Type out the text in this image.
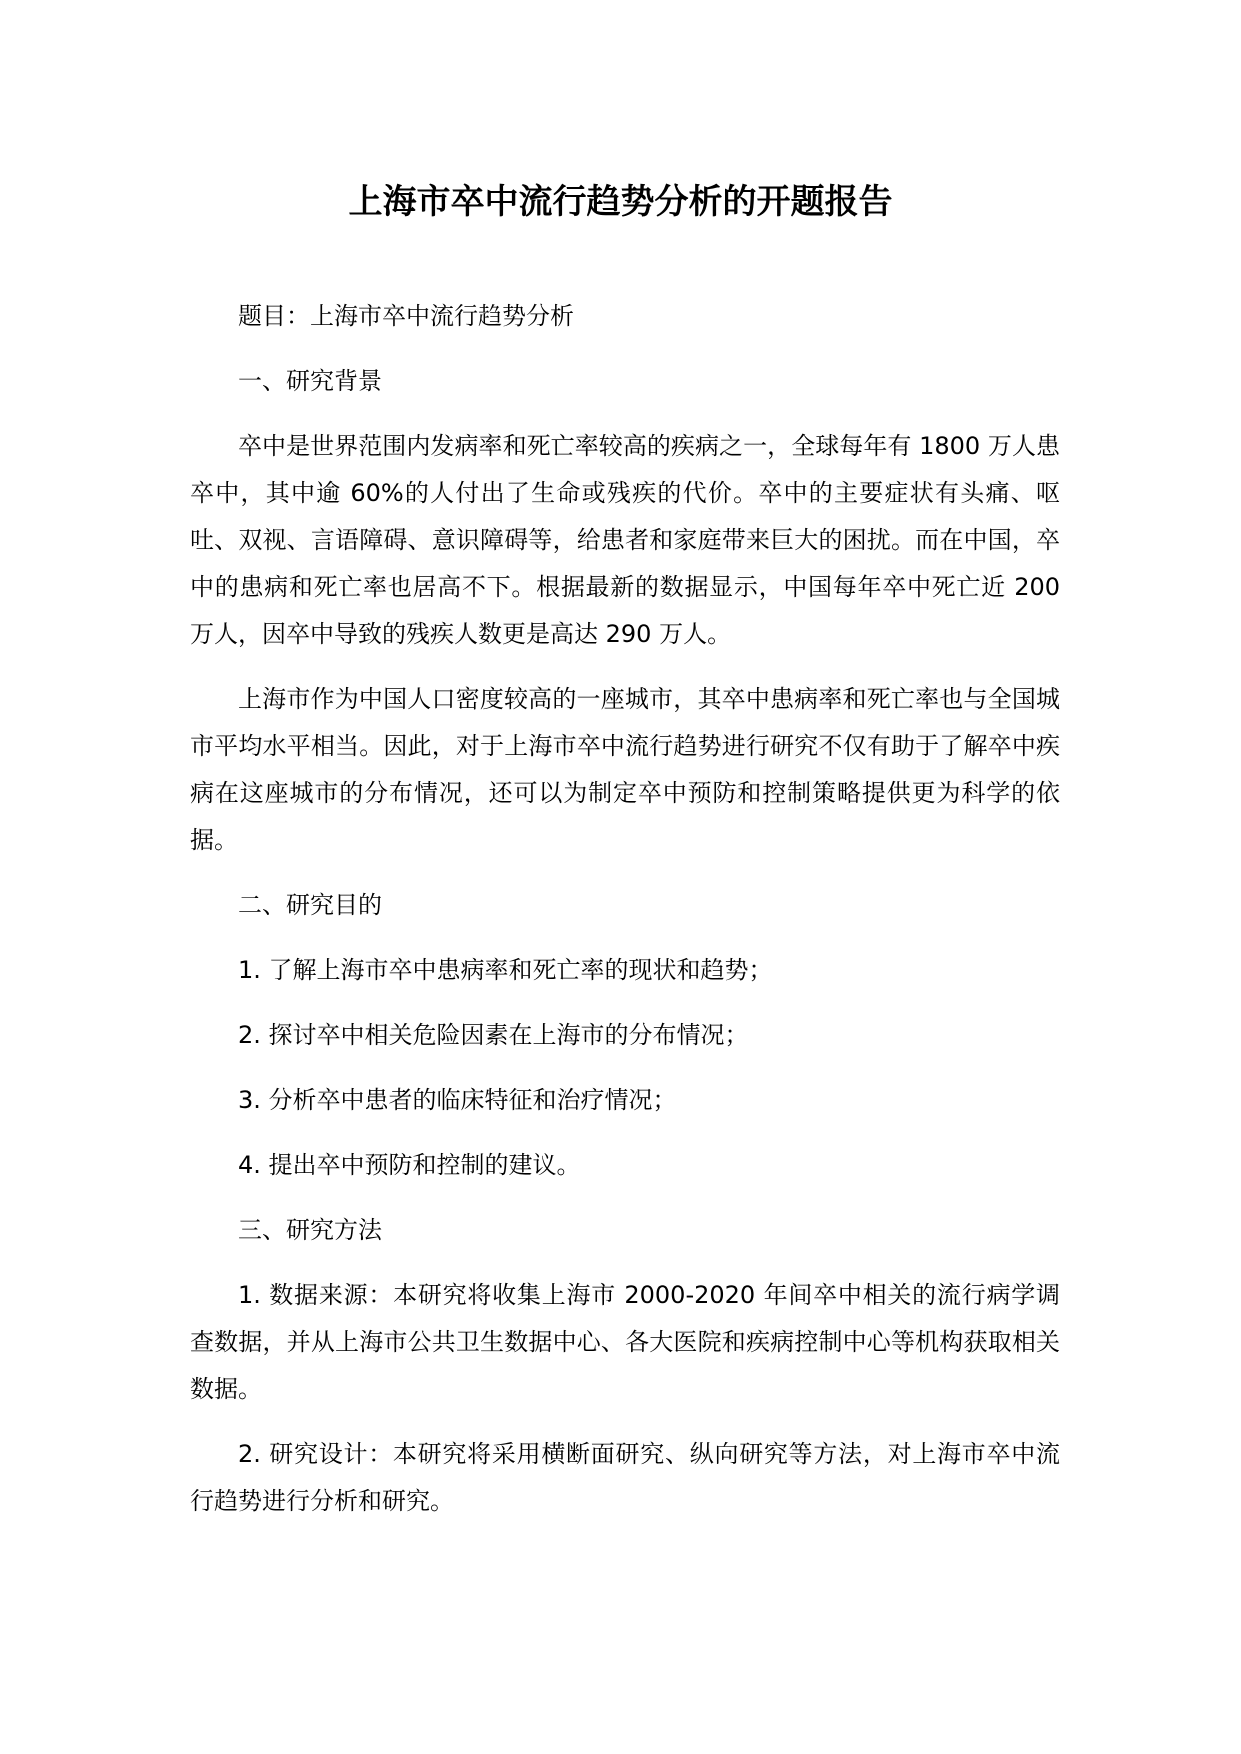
上海市卒中流行趋势分析的开题报告

题目：上海市卒中流行趋势分析

一、研究背景

卒中是世界范围内发病率和死亡率较高的疾病之一，全球每年有 1800 万人患卒中，其中逾 60%的人付出了生命或残疾的代价。卒中的主要症状有头痛、呕吐、双视、言语障碍、意识障碍等，给患者和家庭带来巨大的困扰。而在中国，卒中的患病和死亡率也居高不下。根据最新的数据显示，中国每年卒中死亡近 200 万人，因卒中导致的残疾人数更是高达 290 万人。

上海市作为中国人口密度较高的一座城市，其卒中患病率和死亡率也与全国城市平均水平相当。因此，对于上海市卒中流行趋势进行研究不仅有助于了解卒中疾病在这座城市的分布情况，还可以为制定卒中预防和控制策略提供更为科学的依据。

二、研究目的

1. 了解上海市卒中患病率和死亡率的现状和趋势；

2. 探讨卒中相关危险因素在上海市的分布情况；

3. 分析卒中患者的临床特征和治疗情况；

4. 提出卒中预防和控制的建议。

三、研究方法

1. 数据来源：本研究将收集上海市 2000-2020 年间卒中相关的流行病学调查数据，并从上海市公共卫生数据中心、各大医院和疾病控制中心等机构获取相关数据。

2. 研究设计：本研究将采用横断面研究、纵向研究等方法，对上海市卒中流行趋势进行分析和研究。
